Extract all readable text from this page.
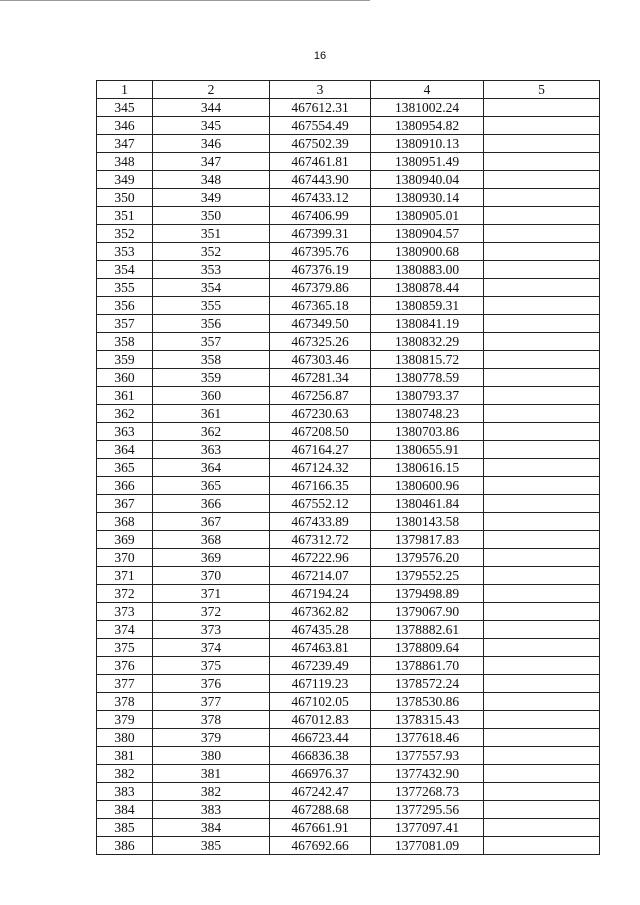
16
1	2	3	4	5
345	344	467612.31	1381002.24	
346	345	467554.49	1380954.82	
347	346	467502.39	1380910.13	
348	347	467461.81	1380951.49	
349	348	467443.90	1380940.04	
350	349	467433.12	1380930.14	
351	350	467406.99	1380905.01	
352	351	467399.31	1380904.57	
353	352	467395.76	1380900.68	
354	353	467376.19	1380883.00	
355	354	467379.86	1380878.44	
356	355	467365.18	1380859.31	
357	356	467349.50	1380841.19	
358	357	467325.26	1380832.29	
359	358	467303.46	1380815.72	
360	359	467281.34	1380778.59	
361	360	467256.87	1380793.37	
362	361	467230.63	1380748.23	
363	362	467208.50	1380703.86	
364	363	467164.27	1380655.91	
365	364	467124.32	1380616.15	
366	365	467166.35	1380600.96	
367	366	467552.12	1380461.84	
368	367	467433.89	1380143.58	
369	368	467312.72	1379817.83	
370	369	467222.96	1379576.20	
371	370	467214.07	1379552.25	
372	371	467194.24	1379498.89	
373	372	467362.82	1379067.90	
374	373	467435.28	1378882.61	
375	374	467463.81	1378809.64	
376	375	467239.49	1378861.70	
377	376	467119.23	1378572.24	
378	377	467102.05	1378530.86	
379	378	467012.83	1378315.43	
380	379	466723.44	1377618.46	
381	380	466836.38	1377557.93	
382	381	466976.37	1377432.90	
383	382	467242.47	1377268.73	
384	383	467288.68	1377295.56	
385	384	467661.91	1377097.41	
386	385	467692.66	1377081.09	
